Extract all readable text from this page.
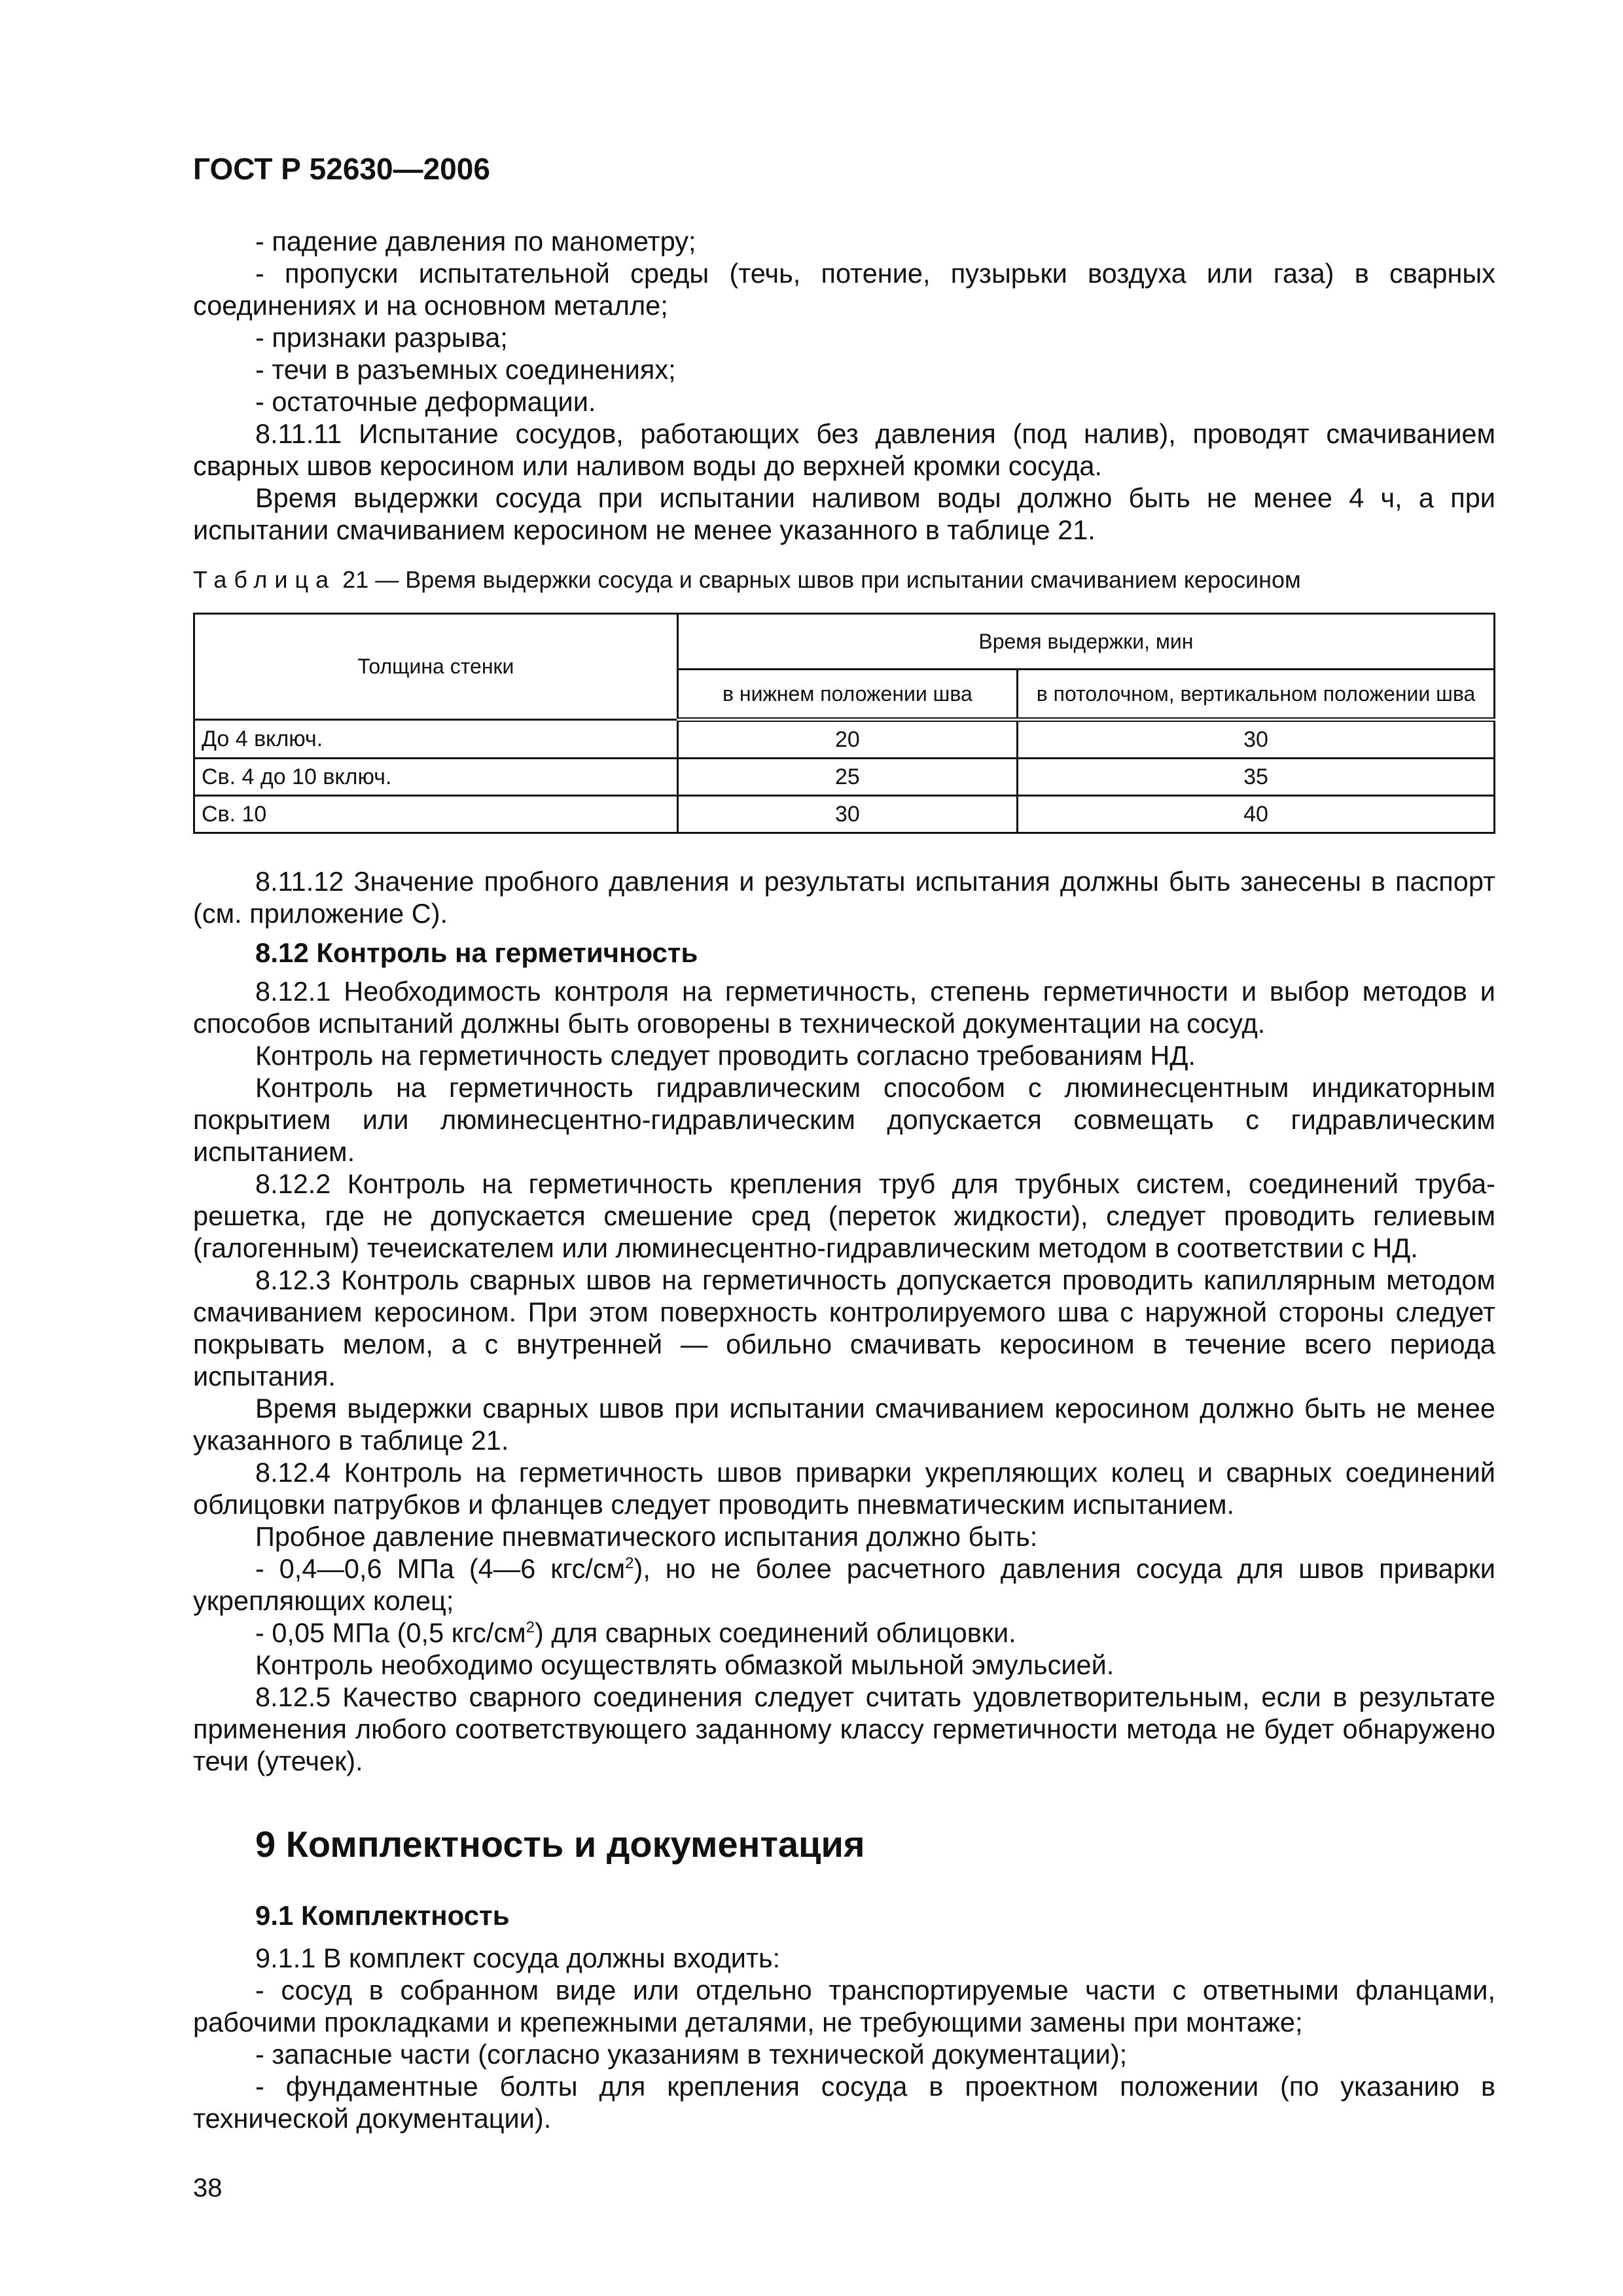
ГОСТ Р 52630—2006

- падение давления по манометру;

- пропуски испытательной среды (течь, потение, пузырьки воздуха или газа) в сварных соединениях и на основном металле;

- признаки разрыва;

- течи в разъемных соединениях;

- остаточные деформации.

8.11.11 Испытание сосудов, работающих без давления (под налив), проводят смачиванием сварных швов керосином или наливом воды до верхней кромки сосуда.

Время выдержки сосуда при испытании наливом воды должно быть не менее 4 ч, а при испытании смачиванием керосином не менее указанного в таблице 21.

Таблица 21 — Время выдержки сосуда и сварных швов при испытании смачиванием керосином
Толщина стенки	Время выдержки, мин	
	в нижнем положении шва	в потолочном, вертикальном положении шва
До 4 включ.	20	30
Св. 4 до 10 включ.	25	35
Св. 10	30	40

8.11.12 Значение пробного давления и результаты испытания должны быть занесены в паспорт (см. приложение С).

8.12 Контроль на герметичность

8.12.1 Необходимость контроля на герметичность, степень герметичности и выбор методов и способов испытаний должны быть оговорены в технической документации на сосуд.

Контроль на герметичность следует проводить согласно требованиям НД.

Контроль на герметичность гидравлическим способом с люминесцентным индикаторным покрытием или люминесцентно-гидравлическим допускается совмещать с гидравлическим испытанием.

8.12.2 Контроль на герметичность крепления труб для трубных систем, соединений труба-решетка, где не допускается смешение сред (переток жидкости), следует проводить гелиевым (галогенным) течеискателем или люминесцентно-гидравлическим методом в соответствии с НД.

8.12.3 Контроль сварных швов на герметичность допускается проводить капиллярным методом смачиванием керосином. При этом поверхность контролируемого шва с наружной стороны следует покрывать мелом, а с внутренней — обильно смачивать керосином в течение всего периода испытания.

Время выдержки сварных швов при испытании смачиванием керосином должно быть не менее указанного в таблице 21.

8.12.4 Контроль на герметичность швов приварки укрепляющих колец и сварных соединений облицовки патрубков и фланцев следует проводить пневматическим испытанием.

Пробное давление пневматического испытания должно быть:

- 0,4—0,6 МПа (4—6 кгс/$см^2$), но не более расчетного давления сосуда для швов приварки укрепляющих колец;

- 0,05 МПа (0,5 кгс/$см^2$) для сварных соединений облицовки.

Контроль необходимо осуществлять обмазкой мыльной эмульсией.

8.12.5 Качество сварного соединения следует считать удовлетворительным, если в результате применения любого соответствующего заданному классу герметичности метода не будет обнаружено течи (утечек).

9 Комплектность и документация
9.1 Комплектность

9.1.1 В комплект сосуда должны входить:

- сосуд в собранном виде или отдельно транспортируемые части с ответными фланцами, рабочими прокладками и крепежными деталями, не требующими замены при монтаже;

- запасные части (согласно указаниям в технической документации);

- фундаментные болты для крепления сосуда в проектном положении (по указанию в технической документации).

38
